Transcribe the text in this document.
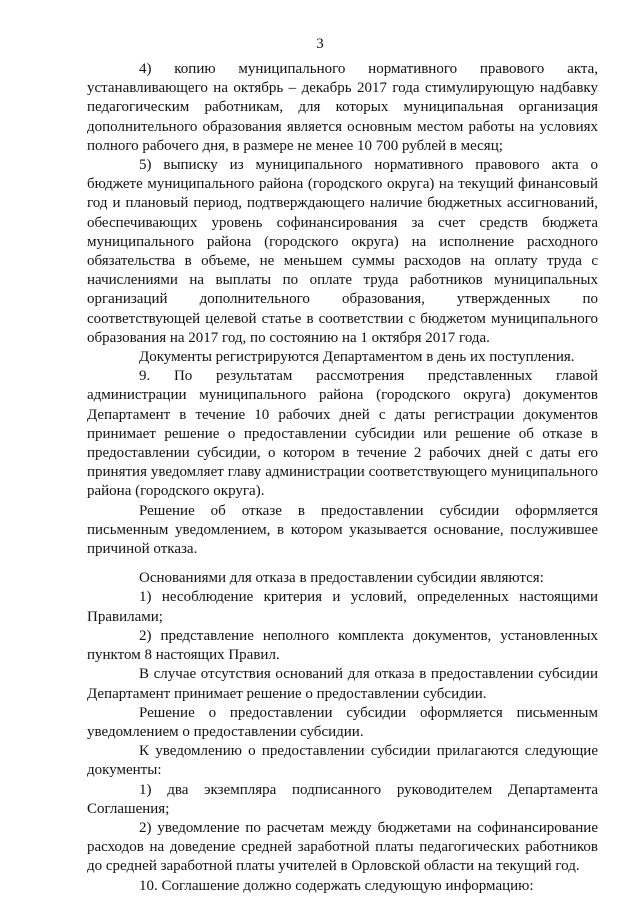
3

4) копию муниципального нормативного правового акта, устанавливающего на октябрь – декабрь 2017 года стимулирующую надбавку педагогическим работникам, для которых муниципальная организация дополнительного образования является основным местом работы на условиях полного рабочего дня, в размере не менее 10 700 рублей в месяц;

5) выписку из муниципального нормативного правового акта о бюджете муниципального района (городского округа) на текущий финансовый год и плановый период, подтверждающего наличие бюджетных ассигнований, обеспечивающих уровень софинансирования за счет средств бюджета муниципального района (городского округа) на исполнение расходного обязательства в объеме, не меньшем суммы расходов на оплату труда с начислениями на выплаты по оплате труда работников муниципальных организаций дополнительного образования, утвержденных по соответствующей целевой статье в соответствии с бюджетом муниципального образования на 2017 год, по состоянию на 1 октября 2017 года.

Документы регистрируются Департаментом в день их поступления.

9. По результатам рассмотрения представленных главой администрации муниципального района (городского округа) документов Департамент в течение 10 рабочих дней с даты регистрации документов принимает решение о предоставлении субсидии или решение об отказе в предоставлении субсидии, о котором в течение 2 рабочих дней с даты его принятия уведомляет главу администрации соответствующего муниципального района (городского округа).

Решение об отказе в предоставлении субсидии оформляется письменным уведомлением, в котором указывается основание, послужившее причиной отказа.

Основаниями для отказа в предоставлении субсидии являются:

1) несоблюдение критерия и условий, определенных настоящими Правилами;

2) представление неполного комплекта документов, установленных пунктом 8 настоящих Правил.

В случае отсутствия оснований для отказа в предоставлении субсидии Департамент принимает решение о предоставлении субсидии.

Решение о предоставлении субсидии оформляется письменным уведомлением о предоставлении субсидии.

К уведомлению о предоставлении субсидии прилагаются следующие документы:

1) два экземпляра подписанного руководителем Департамента Соглашения;

2) уведомление по расчетам между бюджетами на софинансирование расходов на доведение средней заработной платы педагогических работников до средней заработной платы учителей в Орловской области на текущий год.

10. Соглашение должно содержать следующую информацию:
